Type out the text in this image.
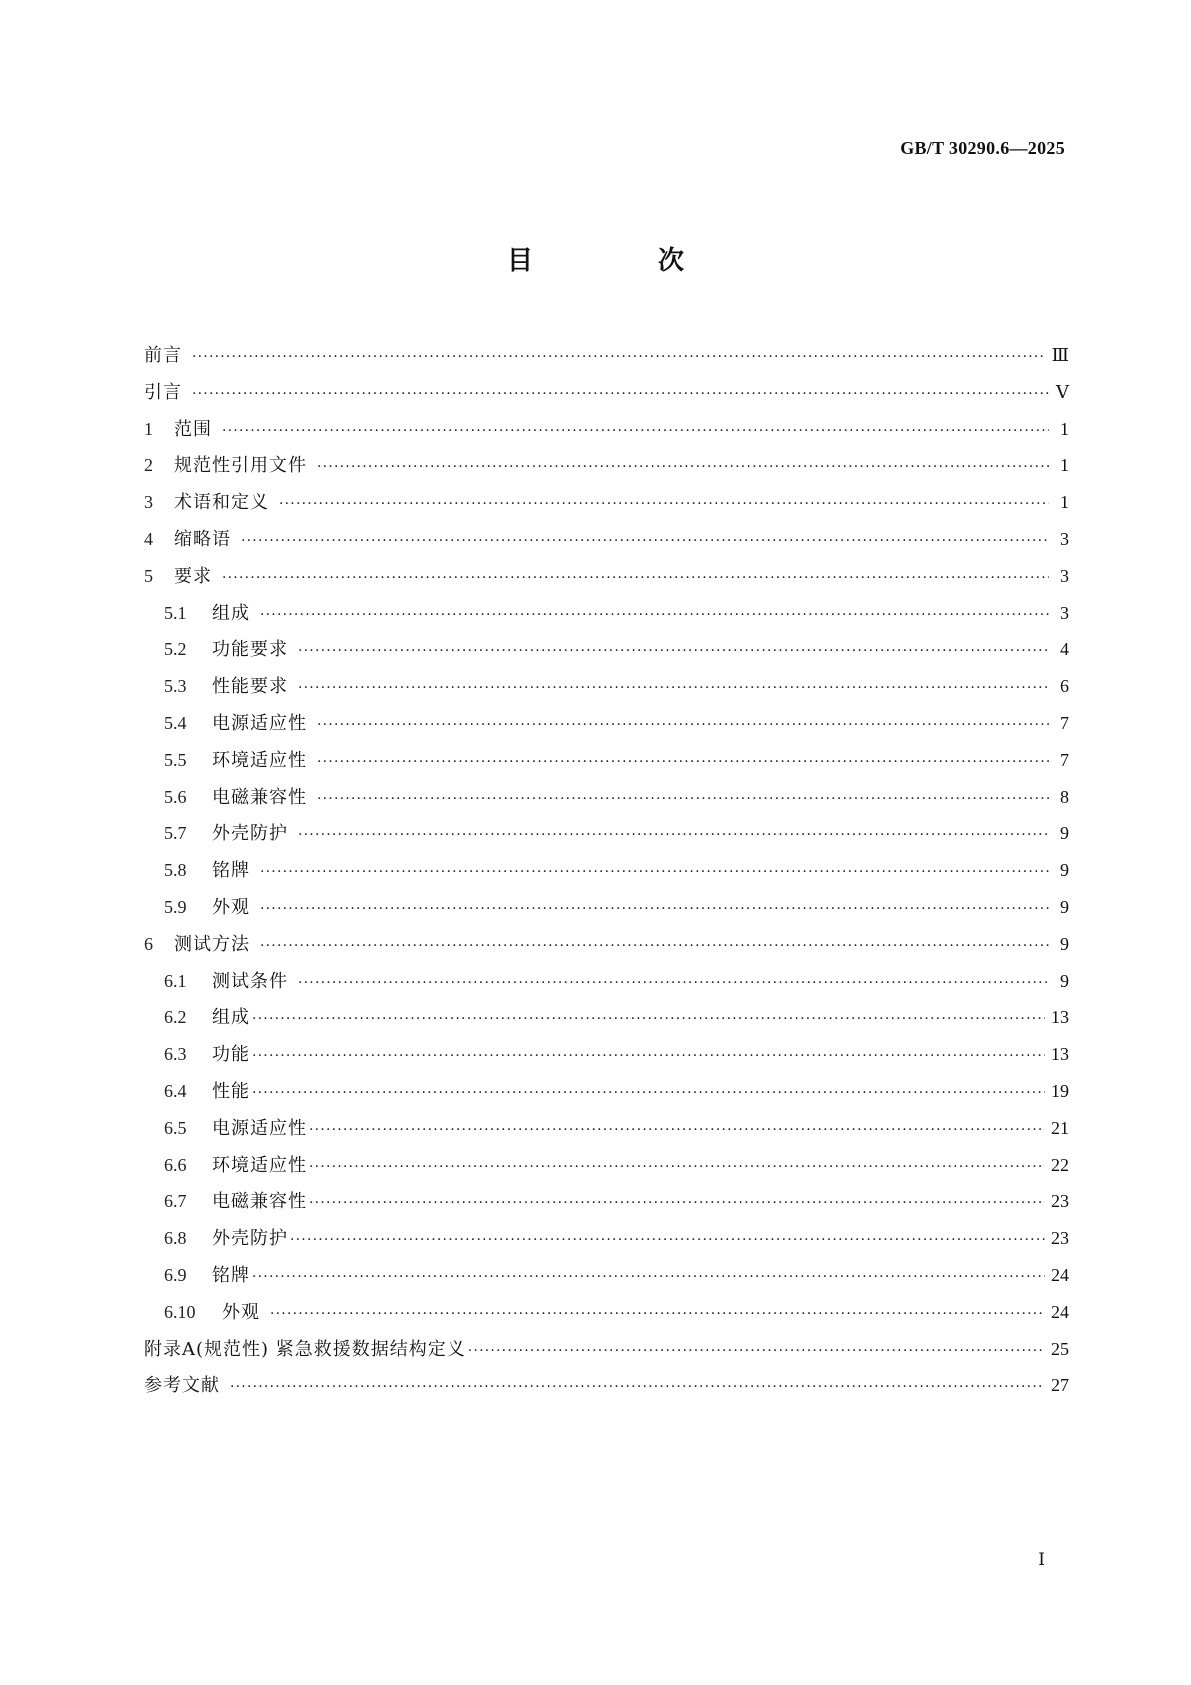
GB/T 30290.6—2025
目 次
前言 ·····	Ⅲ
引言 ·····	Ⅴ
1	范围 ·····	1
2	规范性引用文件 ·····	1
3	术语和定义 ·····	1
4	缩略语 ·····	3
5	要求 ·····	3
5.1	组成 ·····	3
5.2	功能要求 ·····	4
5.3	性能要求 ·····	6
5.4	电源适应性 ·····	7
5.5	环境适应性 ·····	7
5.6	电磁兼容性 ·····	8
5.7	外壳防护 ·····	9
5.8	铭牌 ·····	9
5.9	外观 ·····	9
6	测试方法 ·····	9
6.1	测试条件 ·····	9
6.2	组成 ·····	13
6.3	功能 ·····	13
6.4	性能 ·····	19
6.5	电源适应性 ·····	21
6.6	环境适应性 ·····	22
6.7	电磁兼容性 ·····	23
6.8	外壳防护 ·····	23
6.9	铭牌 ·····	24
6.10	外观 ·····	24
附录A(规范性) 紧急救援数据结构定义 ·····	25
参考文献 ·····	27
Ⅰ
